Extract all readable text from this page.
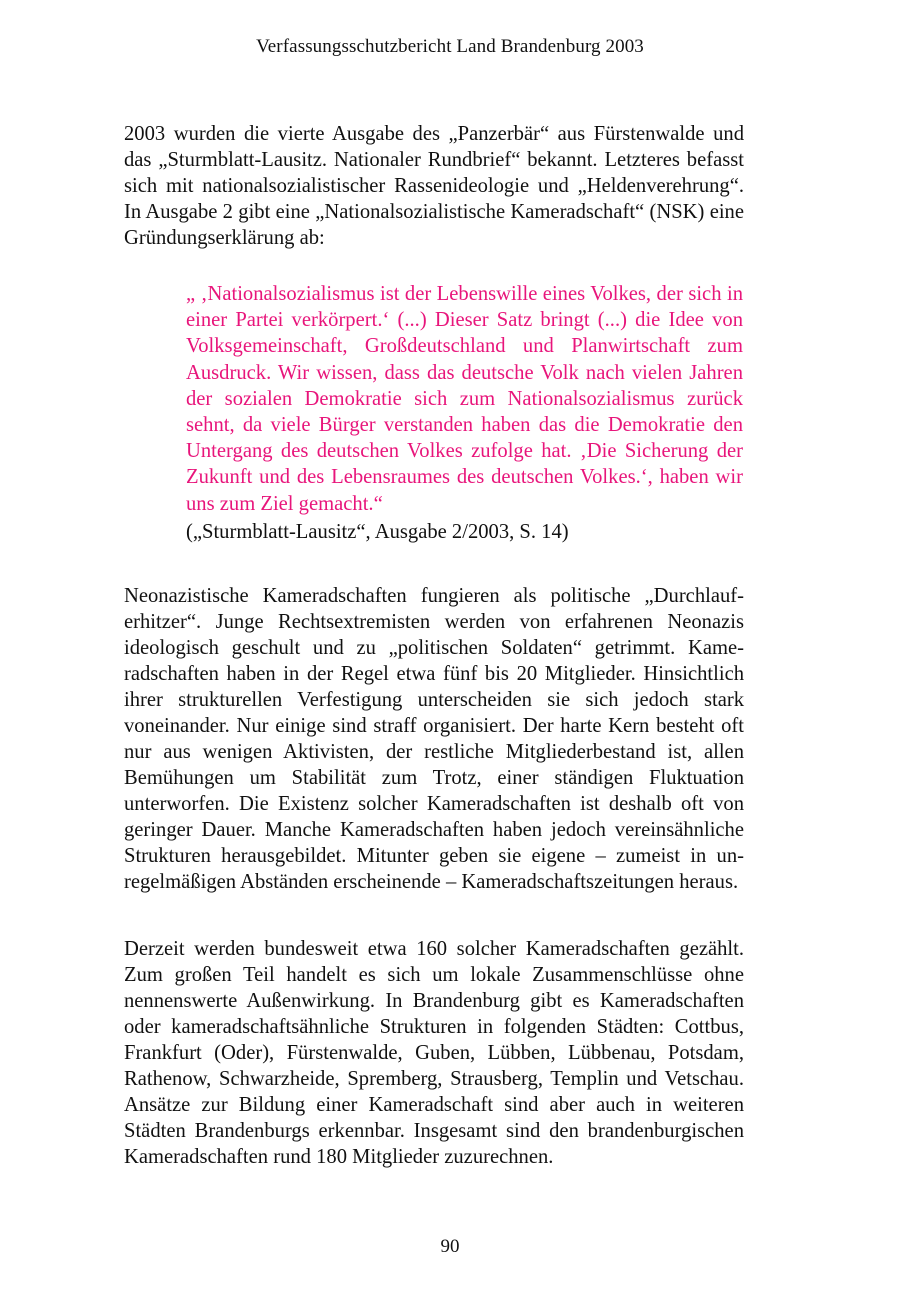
Verfassungsschutzbericht Land Brandenburg 2003

2003 wurden die vierte Ausgabe des „Panzerbär“ aus Fürstenwalde und das „Sturmblatt-Lausitz. Nationaler Rundbrief“ bekannt. Letzteres befasst sich mit nationalsozialistischer Rassenideologie und „Heldenverehrung“. In Ausgabe 2 gibt eine „Nationalsozialistische Kameradschaft“ (NSK) eine Gründungserklärung ab:

„ ‚Nationalsozialismus ist der Lebenswille eines Volkes, der sich in einer Partei verkörpert.‘ (...) Dieser Satz bringt (...) die Idee von Volksgemeinschaft, Großdeutschland und Planwirtschaft zum Ausdruck. Wir wissen, dass das deutsche Volk nach vielen Jahren der sozialen Demokratie sich zum Nationalsozialismus zurück sehnt, da viele Bürger verstanden haben das die Demokratie den Untergang des deutschen Volkes zufolge hat. ‚Die Sicherung der Zukunft und des Lebensraumes des deutschen Volkes.‘, haben wir uns zum Ziel gemacht.“

(„Sturmblatt-Lausitz“, Ausgabe 2/2003, S. 14)

Neonazistische Kameradschaften fungieren als politische „Durchlauferhitzer“. Junge Rechtsextremisten werden von erfahrenen Neonazis ideologisch geschult und zu „politischen Soldaten“ getrimmt. Kameradschaften haben in der Regel etwa fünf bis 20 Mitglieder. Hinsichtlich ihrer strukturellen Verfestigung unterscheiden sie sich jedoch stark voneinander. Nur einige sind straff organisiert. Der harte Kern besteht oft nur aus wenigen Aktivisten, der restliche Mitgliederbestand ist, allen Bemühungen um Stabilität zum Trotz, einer ständigen Fluktuation unterworfen. Die Existenz solcher Kameradschaften ist deshalb oft von geringer Dauer. Manche Kameradschaften haben jedoch vereinsähnliche Strukturen herausgebildet. Mitunter geben sie eigene – zumeist in unregelmäßigen Abständen erscheinende – Kameradschaftszeitungen heraus.

Derzeit werden bundesweit etwa 160 solcher Kameradschaften gezählt. Zum großen Teil handelt es sich um lokale Zusammenschlüsse ohne nennenswerte Außenwirkung. In Brandenburg gibt es Kameradschaften oder kameradschaftsähnliche Strukturen in folgenden Städten: Cottbus, Frankfurt (Oder), Fürstenwalde, Guben, Lübben, Lübbenau, Potsdam, Rathenow, Schwarzheide, Spremberg, Strausberg, Templin und Vetschau. Ansätze zur Bildung einer Kameradschaft sind aber auch in weiteren Städten Brandenburgs erkennbar. Insgesamt sind den brandenburgischen Kameradschaften rund 180 Mitglieder zuzurechnen.

90
